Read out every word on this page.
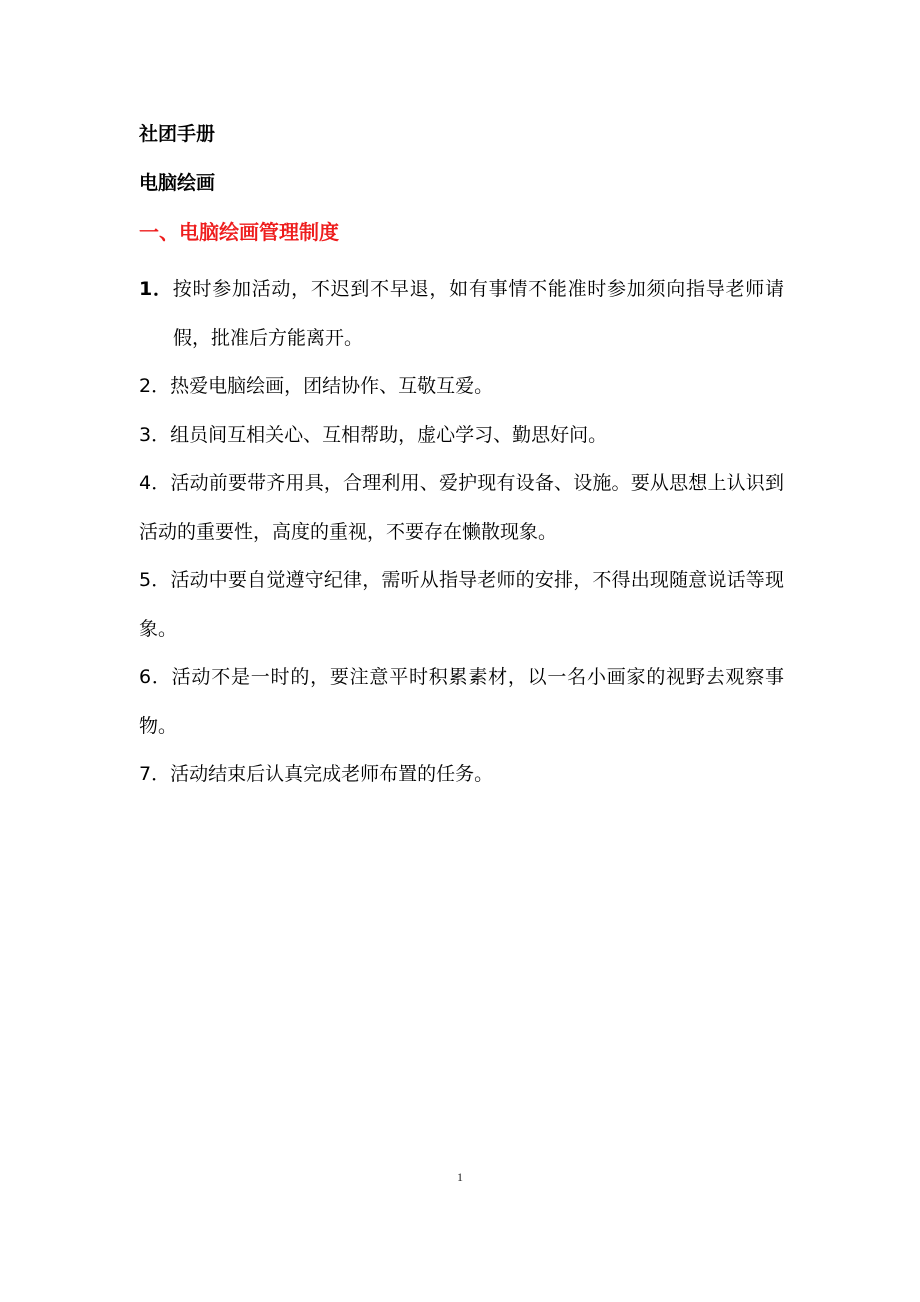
社团手册
电脑绘画
一、电脑绘画管理制度

1．按时参加活动，不迟到不早退，如有事情不能准时参加须向指导老师请假，批准后方能离开。

2．热爱电脑绘画，团结协作、互敬互爱。

3．组员间互相关心、互相帮助，虚心学习、勤思好问。

4．活动前要带齐用具，合理利用、爱护现有设备、设施。要从思想上认识到活动的重要性，高度的重视，不要存在懒散现象。

5．活动中要自觉遵守纪律，需听从指导老师的安排，不得出现随意说话等现象。

6．活动不是一时的，要注意平时积累素材，以一名小画家的视野去观察事物。

7．活动结束后认真完成老师布置的任务。

1
